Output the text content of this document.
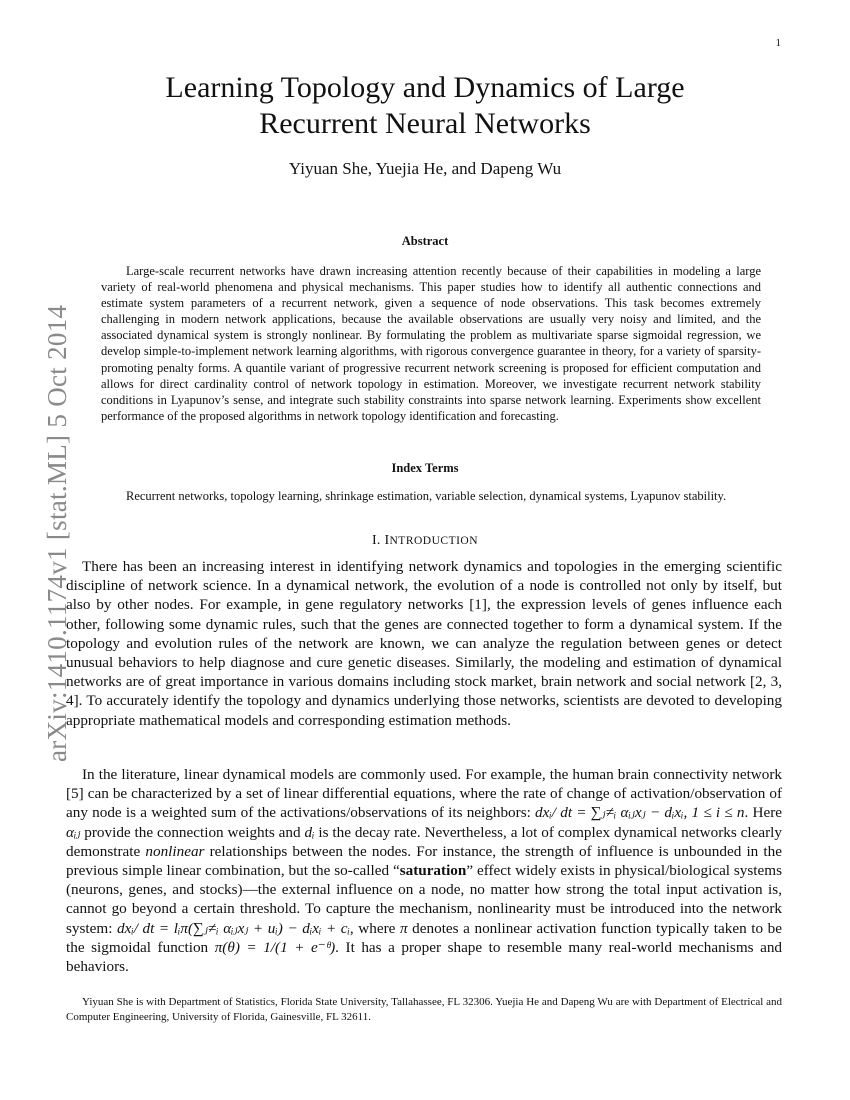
1
arXiv:1410.1174v1 [stat.ML] 5 Oct 2014
Learning Topology and Dynamics of Large
Recurrent Neural Networks
Yiyuan She, Yuejia He, and Dapeng Wu
Abstract

Large-scale recurrent networks have drawn increasing attention recently because of their capabilities in modeling a large variety of real-world phenomena and physical mechanisms. This paper studies how to identify all authentic connections and estimate system parameters of a recurrent network, given a sequence of node observations. This task becomes extremely challenging in modern network applications, because the available observations are usually very noisy and limited, and the associated dynamical system is strongly nonlinear. By formulating the problem as multivariate sparse sigmoidal regression, we develop simple-to-implement network learning algorithms, with rigorous convergence guarantee in theory, for a variety of sparsity-promoting penalty forms. A quantile variant of progressive recurrent network screening is proposed for efficient computation and allows for direct cardinality control of network topology in estimation. Moreover, we investigate recurrent network stability conditions in Lyapunov’s sense, and integrate such stability constraints into sparse network learning. Experiments show excellent performance of the proposed algorithms in network topology identification and forecasting.

Index Terms

Recurrent networks, topology learning, shrinkage estimation, variable selection, dynamical systems, Lyapunov stability.

I. INTRODUCTION

There has been an increasing interest in identifying network dynamics and topologies in the emerging scientific discipline of network science. In a dynamical network, the evolution of a node is controlled not only by itself, but also by other nodes. For example, in gene regulatory networks [1], the expression levels of genes influence each other, following some dynamic rules, such that the genes are connected together to form a dynamical system. If the topology and evolution rules of the network are known, we can analyze the regulation between genes or detect unusual behaviors to help diagnose and cure genetic diseases. Similarly, the modeling and estimation of dynamical networks are of great importance in various domains including stock market, brain network and social network [2, 3, 4]. To accurately identify the topology and dynamics underlying those networks, scientists are devoted to developing appropriate mathematical models and corresponding estimation methods.

In the literature, linear dynamical models are commonly used. For example, the human brain connectivity network [5] can be characterized by a set of linear differential equations, where the rate of change of activation/observation of any node is a weighted sum of the activations/observations of its neighbors: dxᵢ/ dt = ∑ⱼ≠ᵢ αᵢⱼxⱼ − dᵢxᵢ, 1 ≤ i ≤ n. Here αᵢⱼ provide the connection weights and dᵢ is the decay rate. Nevertheless, a lot of complex dynamical networks clearly demonstrate nonlinear relationships between the nodes. For instance, the strength of influence is unbounded in the previous simple linear combination, but the so-called “saturation” effect widely exists in physical/biological systems (neurons, genes, and stocks)—the external influence on a node, no matter how strong the total input activation is, cannot go beyond a certain threshold. To capture the mechanism, nonlinearity must be introduced into the network system: dxᵢ/ dt = lᵢπ(∑ⱼ≠ᵢ αᵢⱼxⱼ + uᵢ) − dᵢxᵢ + cᵢ, where π denotes a nonlinear activation function typically taken to be the sigmoidal function π(θ) = 1/(1 + e⁻ᶿ). It has a proper shape to resemble many real-world mechanisms and behaviors.

Yiyuan She is with Department of Statistics, Florida State University, Tallahassee, FL 32306. Yuejia He and Dapeng Wu are with Department of Electrical and Computer Engineering, University of Florida, Gainesville, FL 32611.
